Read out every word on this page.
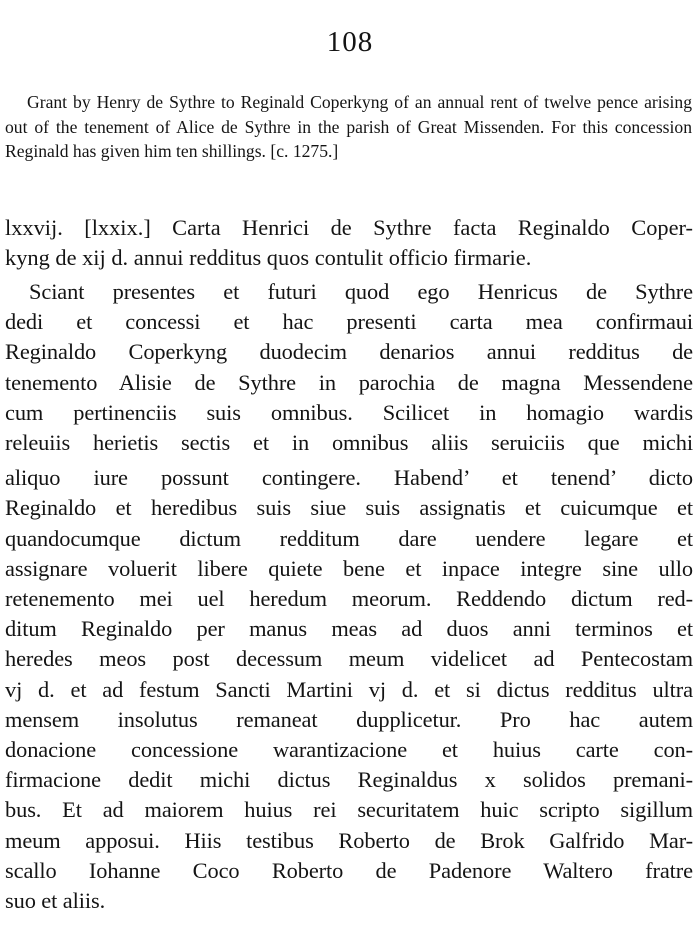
108

Grant by Henry de Sythre to Reginald Coperkyng of an annual rent of twelve pence arising out of the tenement of Alice de Sythre in the parish of Great Missenden. For this concession Reginald has given him ten shillings. [c. 1275.]

lxxvij. [lxxix.] Carta Henrici de Sythre facta Reginaldo Coper-
kyng de xij d. annui redditus quos contulit officio firmarie.
Sciant presentes et futuri quod ego Henricus de Sythre
dedi et concessi et hac presenti carta mea confirmaui
Reginaldo Coperkyng duodecim denarios annui redditus de
tenemento Alisie de Sythre in parochia de magna Messendene
cum pertinenciis suis omnibus. Scilicet in homagio wardis
releuiis herietis sectis et in omnibus aliis seruiciis que michi
aliquo iure possunt contingere. Habend’ et tenend’ dicto
Reginaldo et heredibus suis siue suis assignatis et cuicumque et
quandocumque dictum redditum dare uendere legare et
assignare voluerit libere quiete bene et inpace integre sine ullo
retenemento mei uel heredum meorum. Reddendo dictum red-
ditum Reginaldo per manus meas ad duos anni terminos et
heredes meos post decessum meum videlicet ad Pentecostam
vj d. et ad festum Sancti Martini vj d. et si dictus redditus ultra
mensem insolutus remaneat dupplicetur. Pro hac autem
donacione concessione warantizacione et huius carte con-
firmacione dedit michi dictus Reginaldus x solidos premani-
bus. Et ad maiorem huius rei securitatem huic scripto sigillum
meum apposui. Hiis testibus Roberto de Brok Galfrido Mar-
scallo Iohanne Coco Roberto de Padenore Waltero fratre
suo et aliis.
